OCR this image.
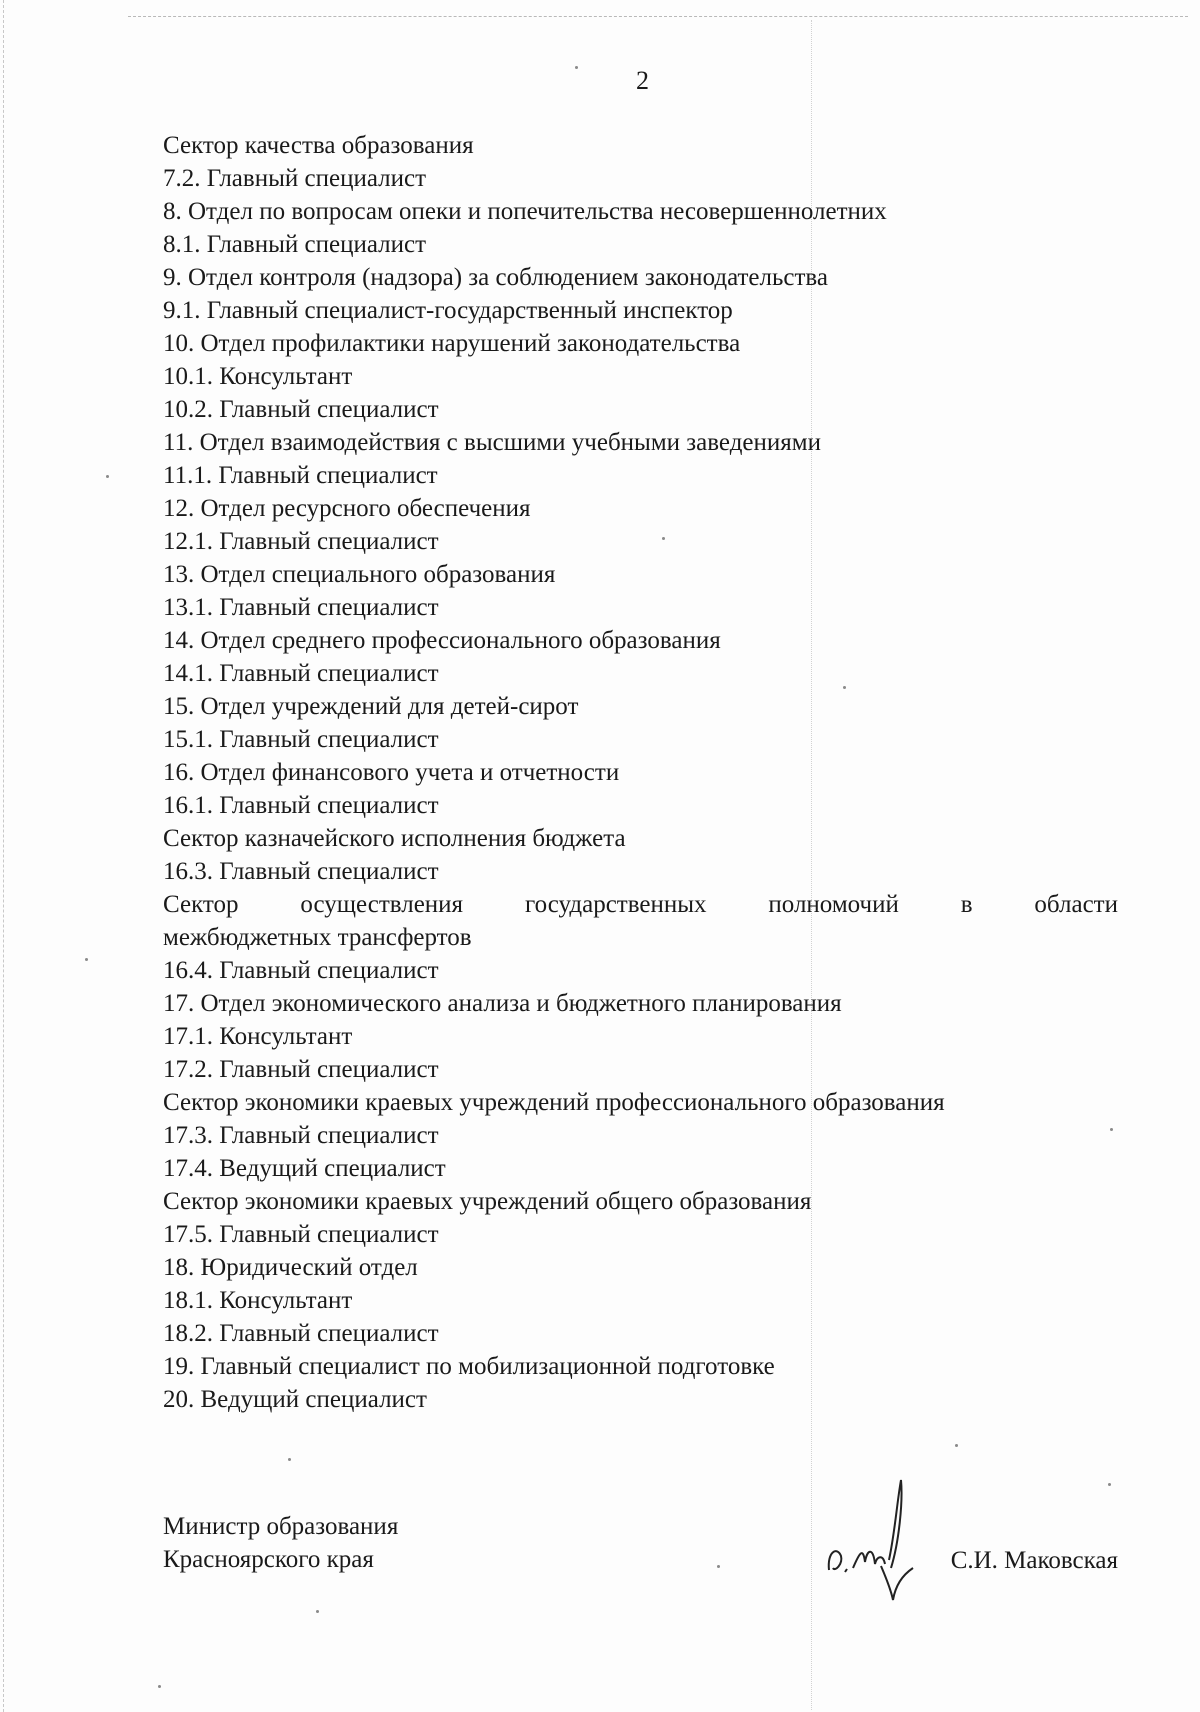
2
Сектор качества образования
7.2. Главный специалист
8. Отдел по вопросам опеки и попечительства несовершеннолетних
8.1. Главный специалист
9. Отдел контроля (надзора) за соблюдением законодательства
9.1. Главный специалист-государственный инспектор
10. Отдел профилактики нарушений законодательства
10.1. Консультант
10.2. Главный специалист
11. Отдел взаимодействия с высшими учебными заведениями
11.1. Главный специалист
12. Отдел ресурсного обеспечения
12.1. Главный специалист
13. Отдел специального образования
13.1. Главный специалист
14. Отдел среднего профессионального образования
14.1. Главный специалист
15. Отдел учреждений для детей-сирот
15.1. Главный специалист
16. Отдел финансового учета и отчетности
16.1. Главный специалист
Сектор казначейского исполнения бюджета
16.3. Главный специалист
Сектор осуществления государственных полномочий в области
межбюджетных трансфертов
16.4. Главный специалист
17. Отдел экономического анализа и бюджетного планирования
17.1. Консультант
17.2. Главный специалист
Сектор экономики краевых учреждений профессионального образования
17.3. Главный специалист
17.4. Ведущий специалист
Сектор экономики краевых учреждений общего образования
17.5. Главный специалист
18. Юридический отдел
18.1. Консультант
18.2. Главный специалист
19. Главный специалист по мобилизационной подготовке
20. Ведущий специалист
Министр образования
Красноярского края	С.И. Маковская
